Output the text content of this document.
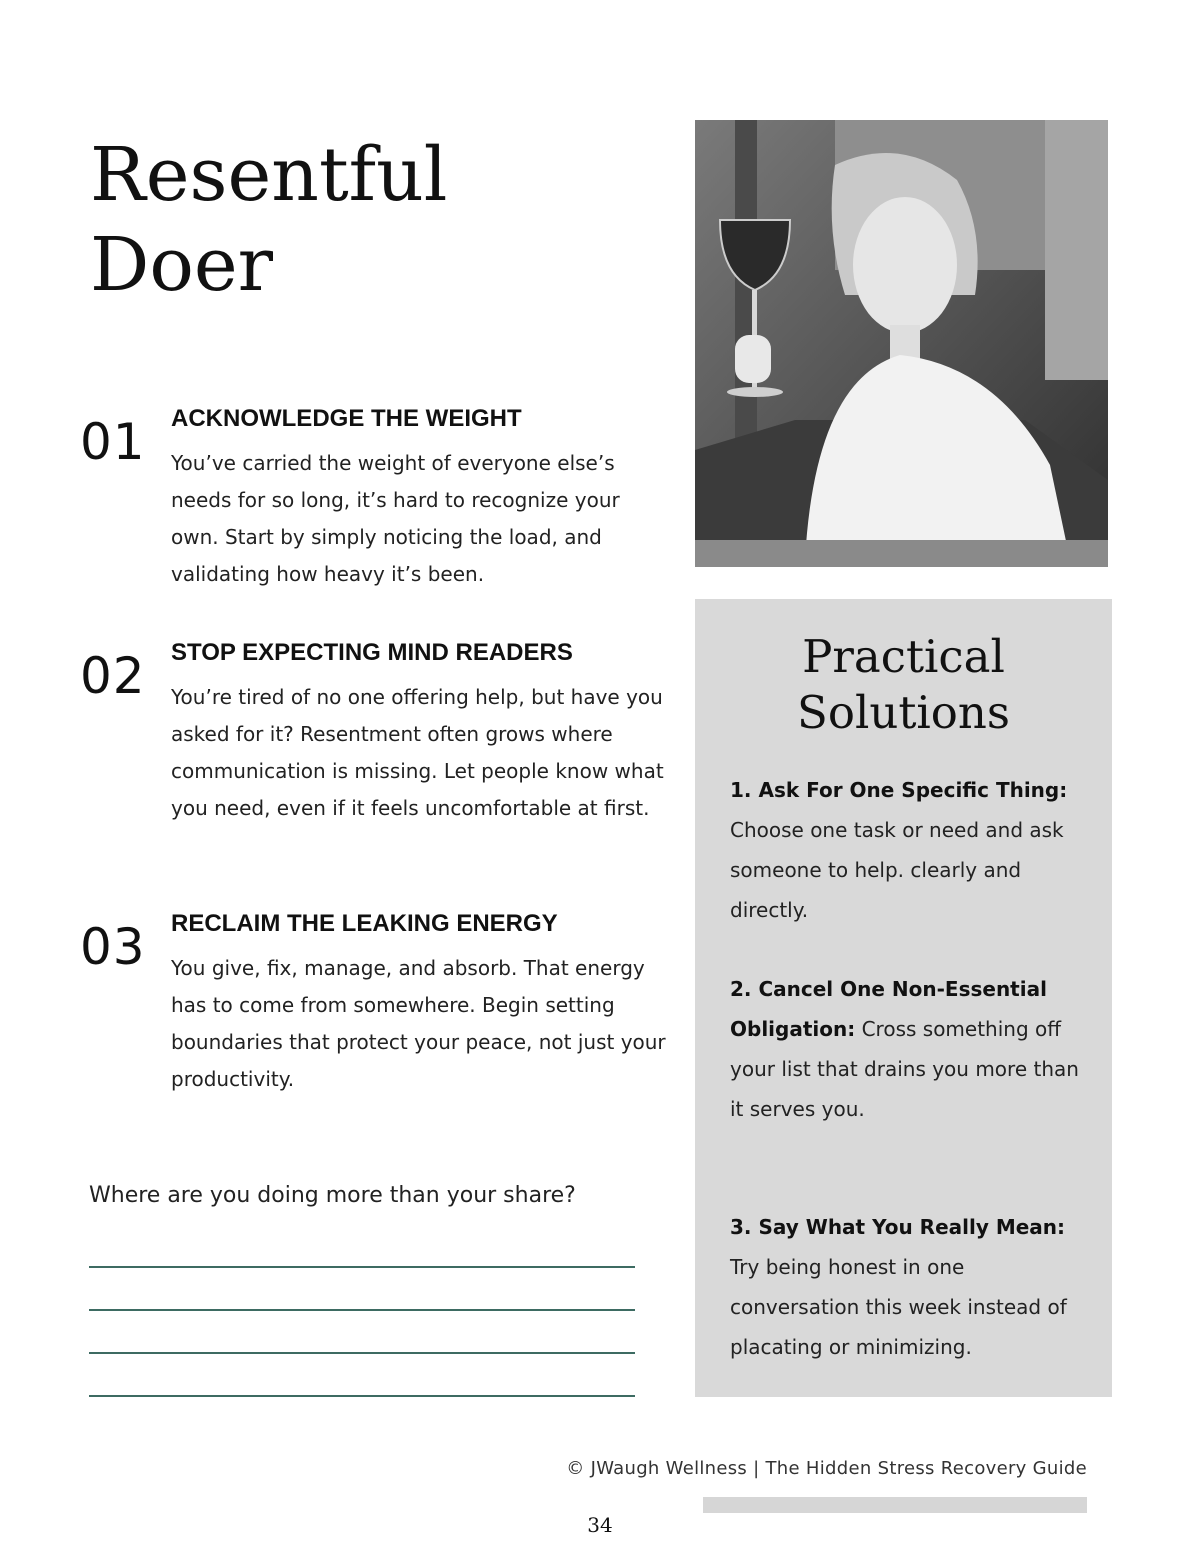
Resentful
Doer
01 ACKNOWLEDGE THE WEIGHT

You’ve carried the weight of everyone else’s needs for so long, it’s hard to recognize your own. Start by simply noticing the load, and validating how heavy it’s been.

02 STOP EXPECTING MIND READERS

You’re tired of no one offering help, but have you asked for it? Resentment often grows where communication is missing. Let people know what you need, even if it feels uncomfortable at first.

03 RECLAIM THE LEAKING ENERGY

You give, fix, manage, and absorb. That energy has to come from somewhere. Begin setting boundaries that protect your peace, not just your productivity.

Where are you doing more than your share?

Practical
Solutions

1. Ask For One Specific Thing:
Choose one task or need and ask someone to help. clearly and directly.

2. Cancel One Non-Essential Obligation: Cross something off your list that drains you more than it serves you.

3. Say What You Really Mean:
Try being honest in one conversation this week instead of placating or minimizing.

© JWaugh Wellness | The Hidden Stress Recovery Guide

34
